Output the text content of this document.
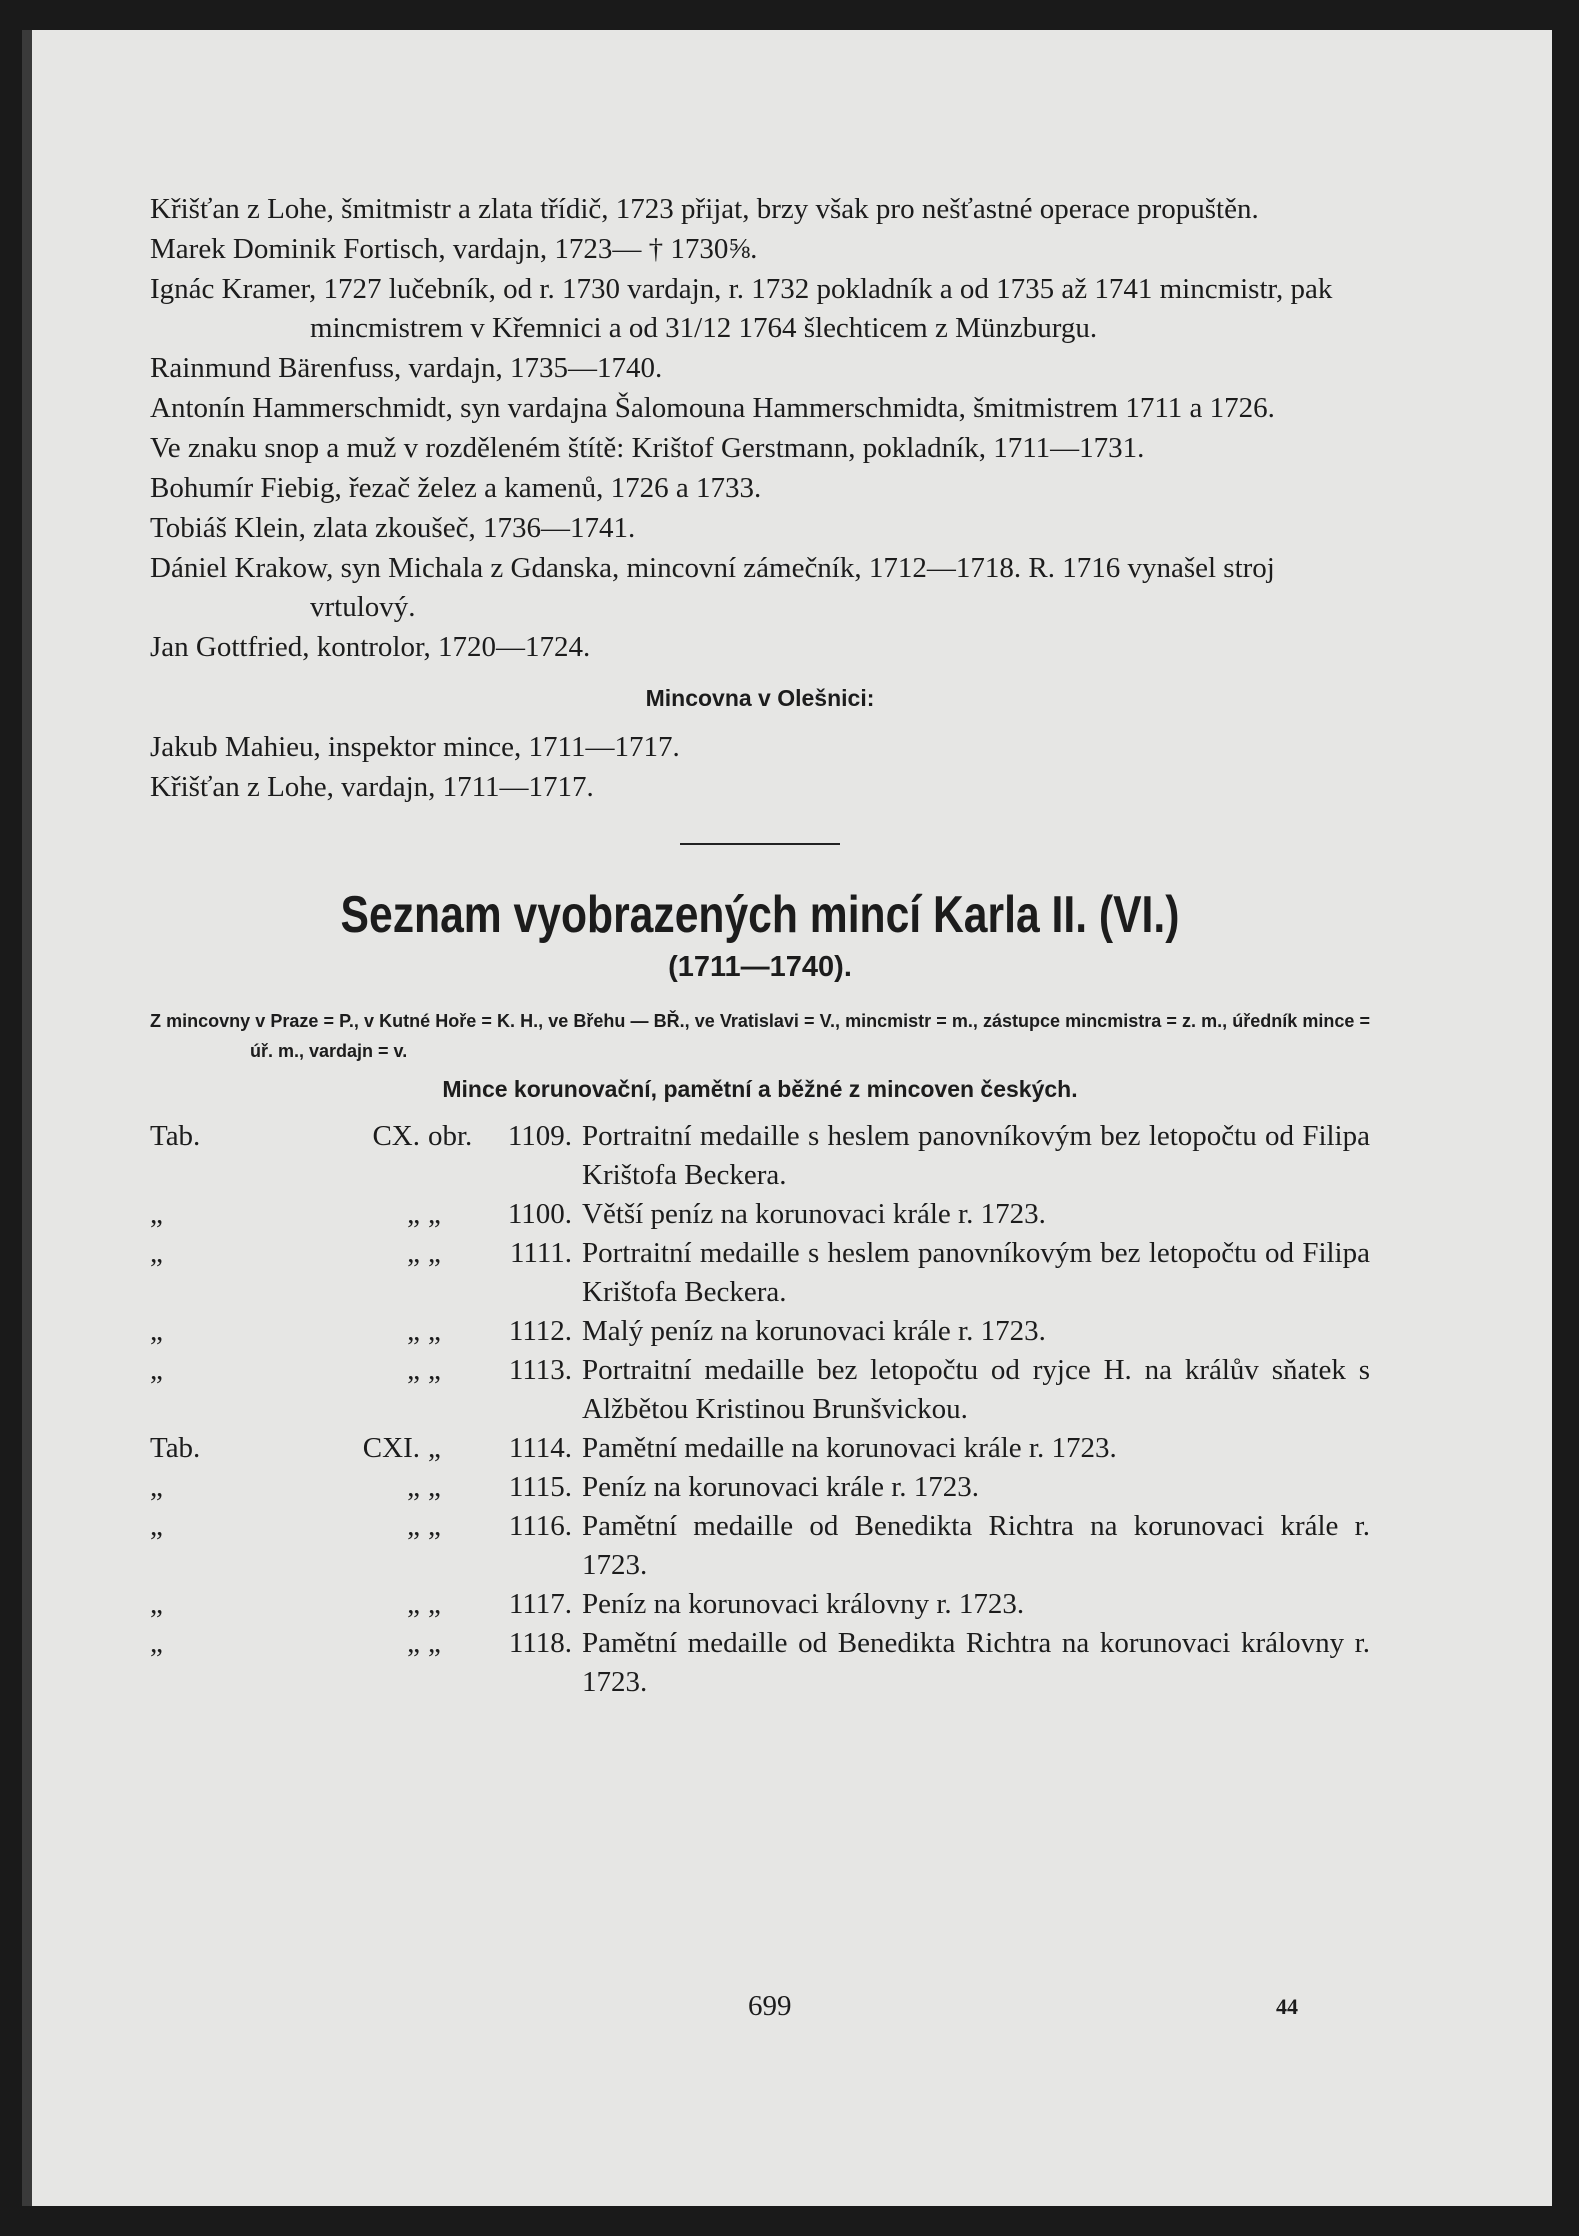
Křišťan z Lohe, šmitmistr a zlata třídič, 1723 přijat, brzy však pro nešťastné operace propuštěn.

Marek Dominik Fortisch, vardajn, 1723— † 1730⅝.

Ignác Kramer, 1727 lučebník, od r. 1730 vardajn, r. 1732 pokladník a od 1735 až 1741 mincmistr, pak mincmistrem v Křemnici a od 31/12 1764 šlechticem z Münzburgu.

Rainmund Bärenfuss, vardajn, 1735—1740.

Antonín Hammerschmidt, syn vardajna Šalomouna Hammerschmidta, šmitmistrem 1711 a 1726.

Ve znaku snop a muž v rozděleném štítě: Krištof Gerstmann, pokladník, 1711—1731.

Bohumír Fiebig, řezač želez a kamenů, 1726 a 1733.

Tobiáš Klein, zlata zkoušeč, 1736—1741.

Dániel Krakow, syn Michala z Gdanska, mincovní zámečník, 1712—1718. R. 1716 vynašel stroj vrtulový.

Jan Gottfried, kontrolor, 1720—1724.

Mincovna v Olešnici:

Jakub Mahieu, inspektor mince, 1711—1717.

Křišťan z Lohe, vardajn, 1711—1717.

Seznam vyobrazených mincí Karla II. (VI.)
(1711—1740).
Z mincovny v Praze = P., v Kutné Hoře = K. H., ve Břehu — BŘ., ve Vratislavi = V., mincmistr = m., zástupce mincmistra = z. m., úředník mince = úř. m., vardajn = v.
Mince korunovační, pamětní a běžné z mincoven českých.
Tab.	CX. obr.	1109. Portraitní medaille s heslem panovníkovým bez letopočtu od Filipa Krištofa Beckera.
„	„ „	1100. Větší peníz na korunovaci krále r. 1723.
„	„ „	1111. Portraitní medaille s heslem panovníkovým bez letopočtu od Filipa Krištofa Beckera.
„	„ „	1112. Malý peníz na korunovaci krále r. 1723.
„	„ „	1113. Portraitní medaille bez letopočtu od ryjce H. na králův sňatek s Alžbětou Kristinou Brunšvickou.
Tab.	CXI. „	1114. Pamětní medaille na korunovaci krále r. 1723.
„	„ „	1115. Peníz na korunovaci krále r. 1723.
„	„ „	1116. Pamětní medaille od Benedikta Richtra na korunovaci krále r. 1723.
„	„ „	1117. Peníz na korunovaci královny r. 1723.
„	„ „	1118. Pamětní medaille od Benedikta Richtra na korunovaci královny r. 1723.
699	44
